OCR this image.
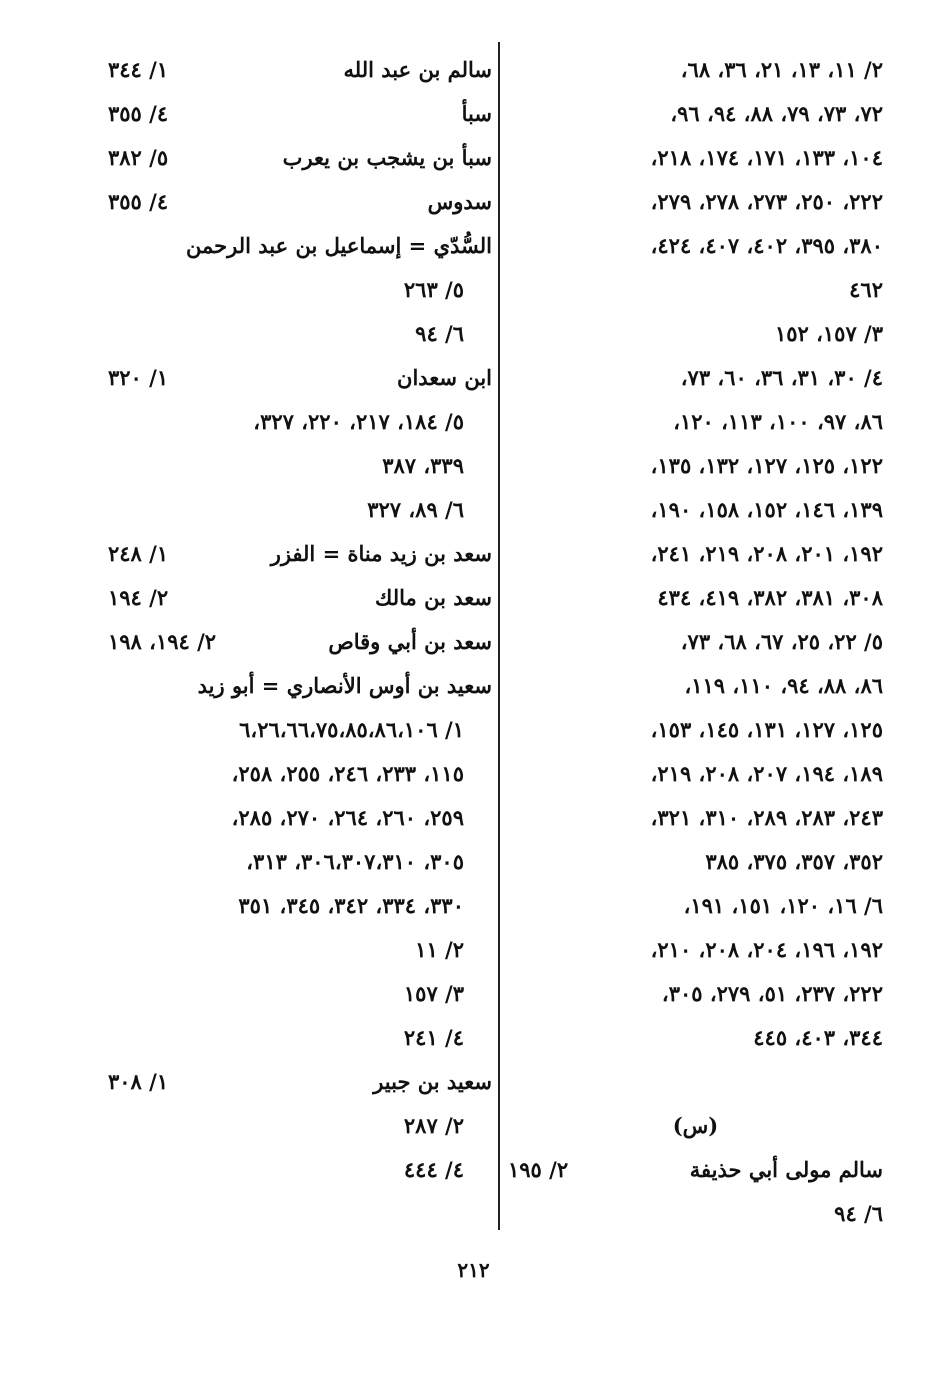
٢/ ١١، ١٣، ٢١، ٣٦، ٦٨،
٧٢، ٧٣، ٧٩، ٨٨، ٩٤، ٩٦،
١٠٤، ١٣٣، ١٧١، ١٧٤، ٢١٨،
٢٢٢، ٢٥٠، ٢٧٣، ٢٧٨، ٢٧٩،
٣٨٠، ٣٩٥، ٤٠٢، ٤٠٧، ٤٢٤،
٤٦٢
٣/ ١٥٧، ١٥٢
٤/ ٣٠، ٣١، ٣٦، ٦٠، ٧٣،
٨٦، ٩٧، ١٠٠، ١١٣، ١٢٠،
١٢٢، ١٢٥، ١٢٧، ١٣٢، ١٣٥،
١٣٩، ١٤٦، ١٥٢، ١٥٨، ١٩٠،
١٩٢، ٢٠١، ٢٠٨، ٢١٩، ٢٤١،
٣٠٨، ٣٨١، ٣٨٢، ٤١٩، ٤٣٤
٥/ ٢٢، ٢٥، ٦٧، ٦٨، ٧٣،
٨٦، ٨٨، ٩٤، ١١٠، ١١٩،
١٢٥، ١٢٧، ١٣١، ١٤٥، ١٥٣،
١٨٩، ١٩٤، ٢٠٧، ٢٠٨، ٢١٩،
٢٤٣، ٢٨٣، ٢٨٩، ٣١٠، ٣٢١،
٣٥٢، ٣٥٧، ٣٧٥، ٣٨٥
٦/ ١٦، ١٢٠، ١٥١، ١٩١،
١٩٢، ١٩٦، ٢٠٤، ٢٠٨، ٢١٠،
٢٢٢، ٢٣٧، ٥١، ٢٧٩، ٣٠٥،
٣٤٤، ٤٠٣، ٤٤٥
(س)
سالم مولى أبي حذيفة
٢/ ١٩٥
٦/ ٩٤
سالم بن عبد الله
١/ ٣٤٤
سبأ
٤/ ٣٥٥
سبأ بن يشجب بن يعرب
٥/ ٣٨٢
سدوس
٤/ ٣٥٥
السُّدّي = إسماعيل بن عبد الرحمن
٥/ ٢٦٣
٦/ ٩٤
ابن سعدان
١/ ٣٢٠
٥/ ١٨٤، ٢١٧، ٢٢٠، ٣٢٧،
٣٣٩، ٣٨٧
٦/ ٨٩، ٣٢٧
سعد بن زيد مناة = الفزر
١/ ٢٤٨
سعد بن مالك
٢/ ١٩٤
سعد بن أبي وقاص
٢/ ١٩٤، ١٩٨
سعيد بن أوس الأنصاري = أبو زيد
١/ ٦،٢٦،٦٦،٧٥،٨٥،٨٦،١٠٦
١١٥، ٢٣٣، ٢٤٦، ٢٥٥، ٢٥٨،
٢٥٩، ٢٦٠، ٢٦٤، ٢٧٠، ٢٨٥،
٣٠٥، ٣٠٦،٣٠٧،٣١٠، ٣١٣،
٣٣٠، ٣٣٤، ٣٤٢، ٣٤٥، ٣٥١
٢/ ١١
٣/ ١٥٧
٤/ ٢٤١
سعيد بن جبير
١/ ٣٠٨
٢/ ٢٨٧
٤/ ٤٤٤
٢١٢
